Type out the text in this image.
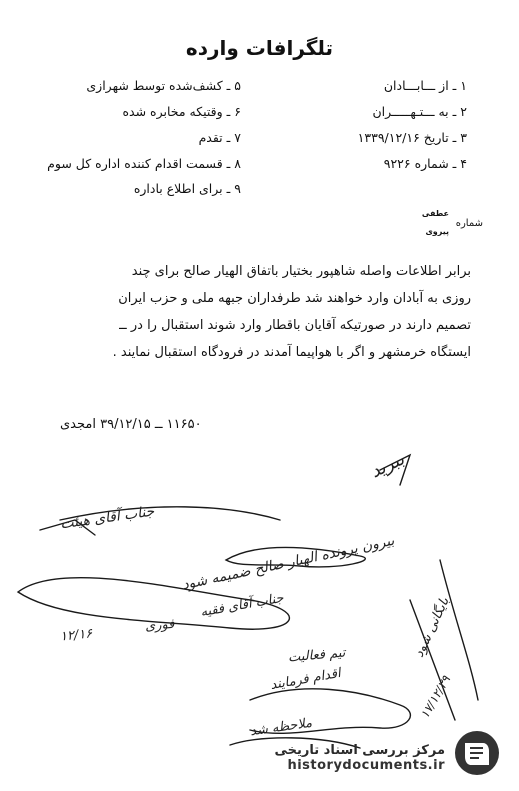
تلگرافات وارده
۱ ـ از ـــابـــادان
۲ ـ به ـــتـهـــــران
۳ ـ تاریخ ۱۳۳۹/۱۲/۱۶
۴ ـ شماره ۹۲۲۶
۵ ـ کشف‌شده توسط شهرازی
۶ ـ وقتیکه مخابره شده
۷ ـ تقدم
۸ ـ قسمت اقدام کننده اداره کل سوم
۹ ـ برای اطلاع باداره
عطفی
پیروی
شماره
برابر اطلاعات واصله شاهپور بختیار باتفاق الهیار صالح برای چند
روزی به آبادان وارد خواهند شد طرفداران جبهه ملی و حزب ایران
تصمیم دارند در صورتیکه آقایان باقطار وارد شوند استقبال را در ــ
ایستگاه خرمشهر و اگر با هواپیما آمدند در فرودگاه استقبال نمایند .
۱۱۶۵۰ ــ ۳۹/۱۲/۱۵ امجدی
ببرید
جناب آقای هیئت
بیرون پرونده الهیار صالح ضمیمه شود
جناب آقای فقیه
فوری
۱۲/۱۶
تیم فعالیت
اقدام فرمایند
بایگانی شود
ملاحظه شد
۱۷/۱۲/۳۹
مرکز بررسی اسناد تاریخی
historydocuments.ir
